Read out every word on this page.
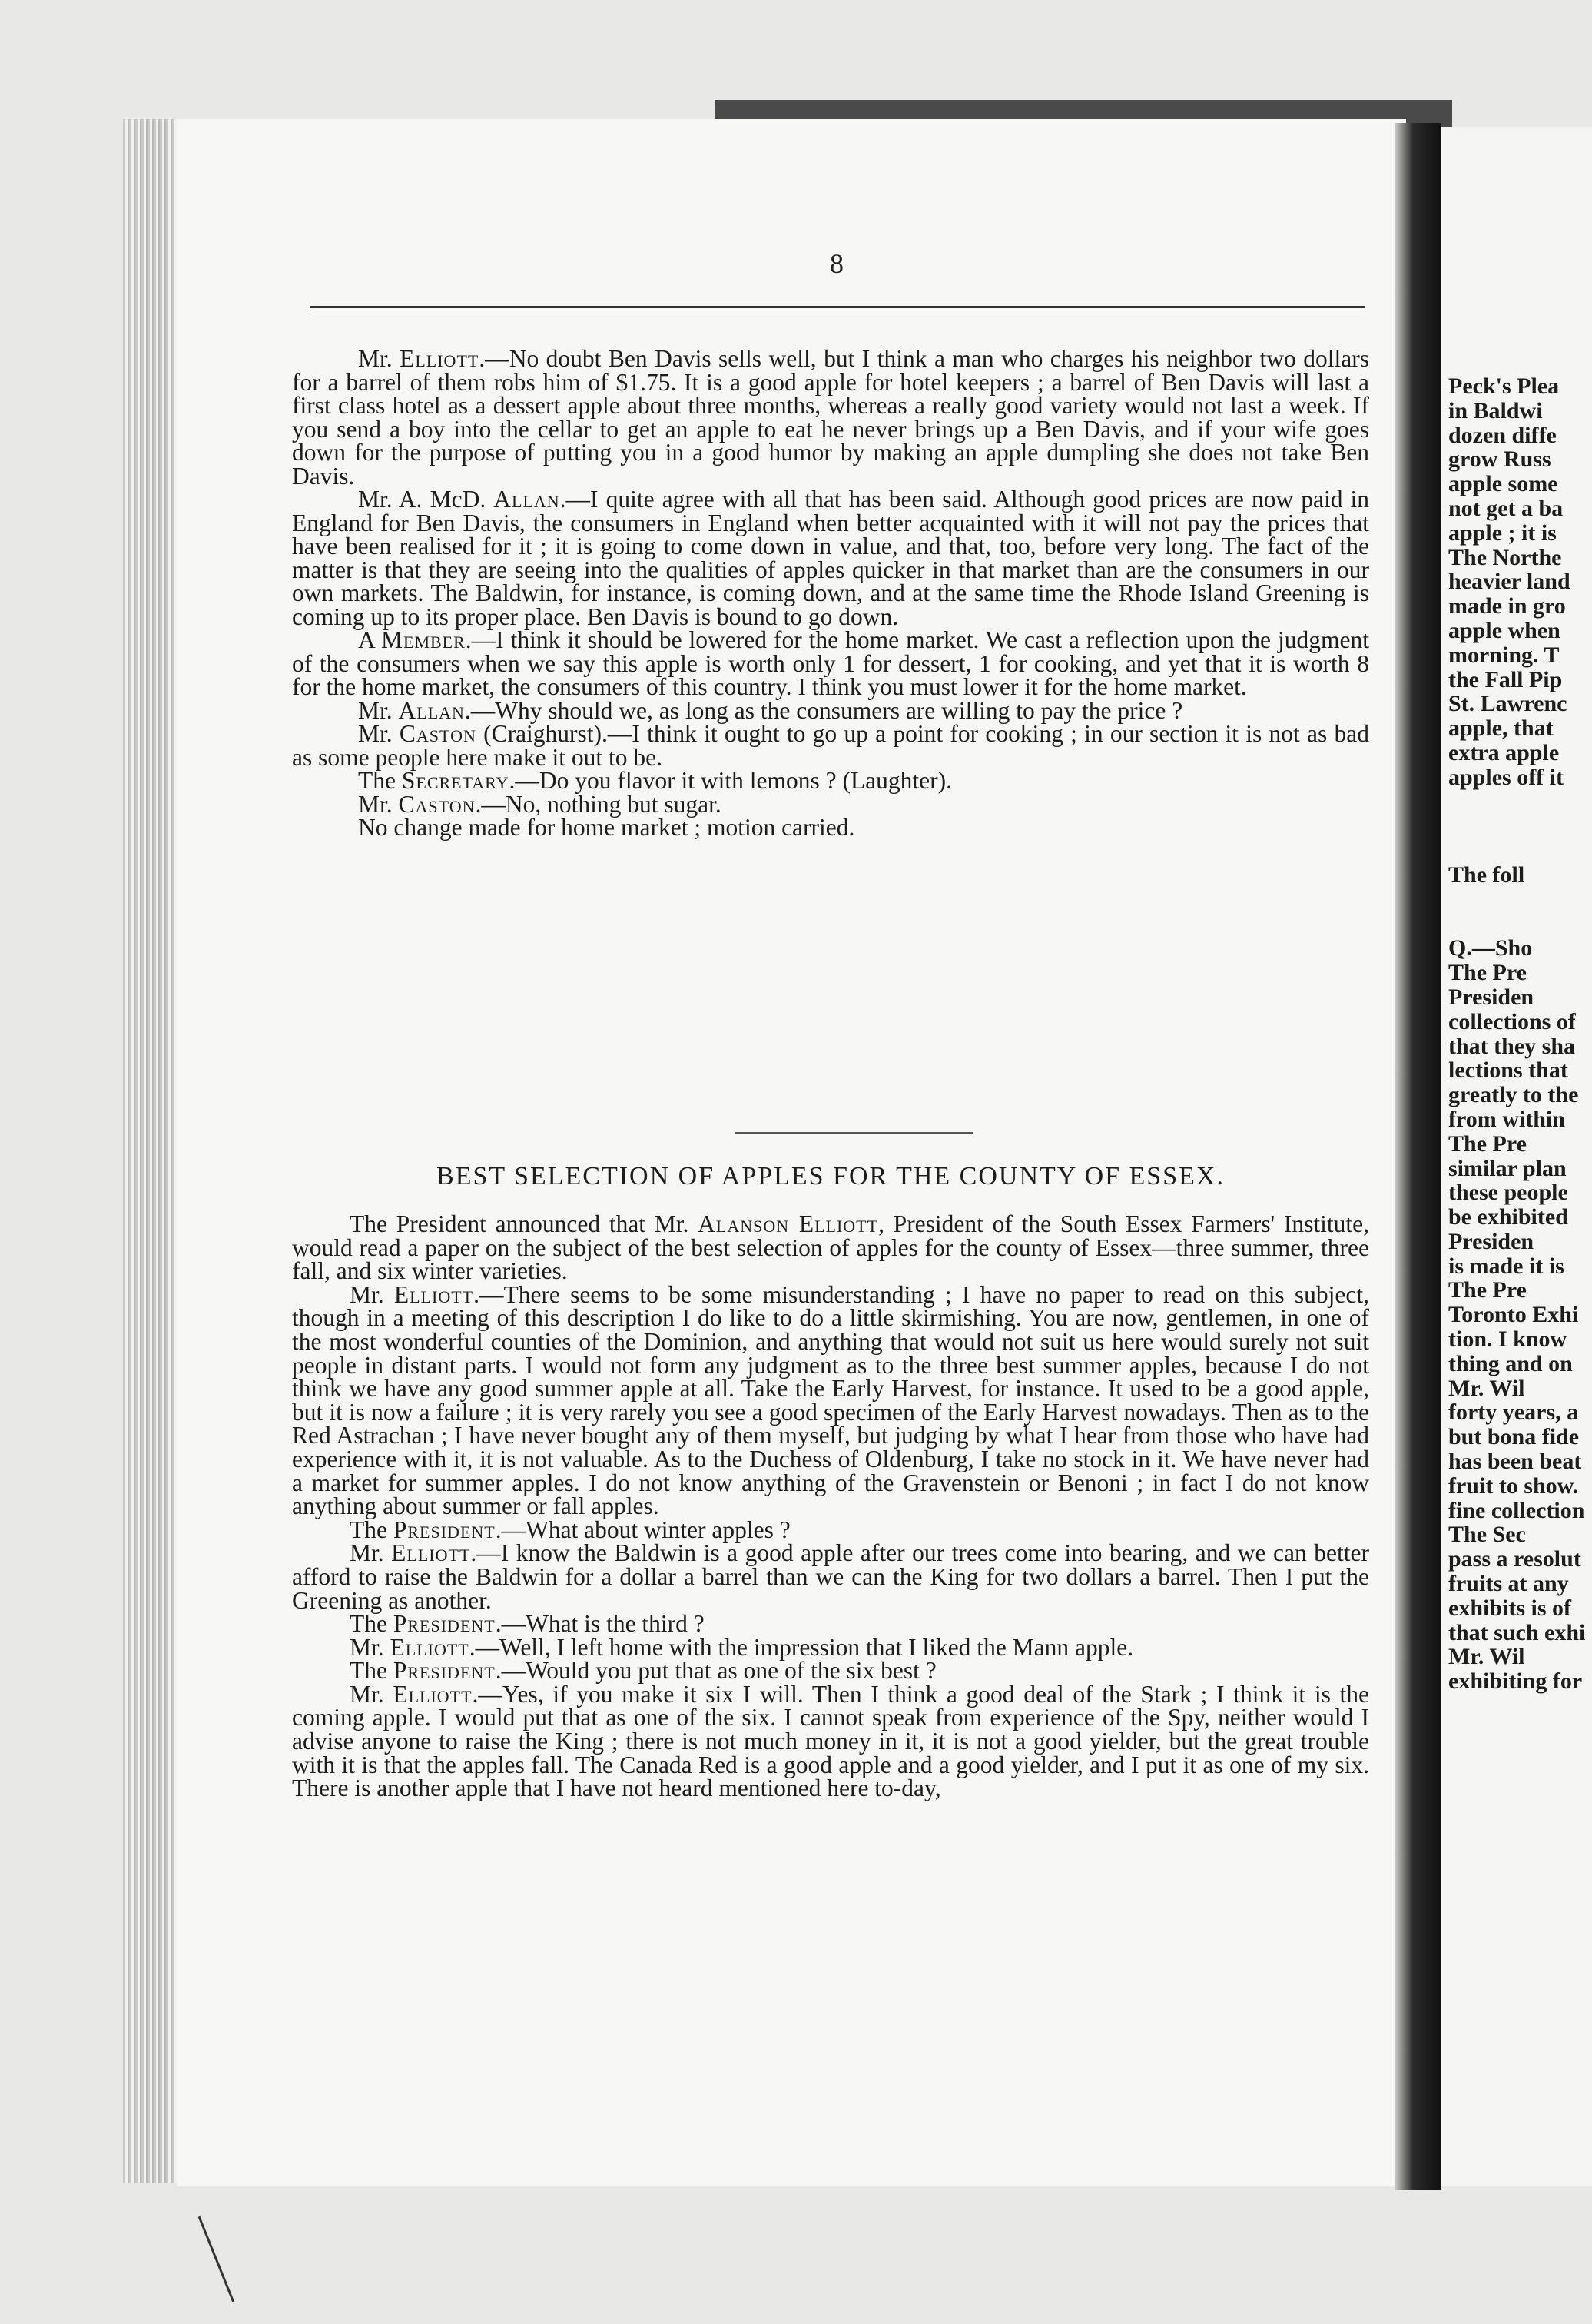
8

Mr. Elliott.—No doubt Ben Davis sells well, but I think a man who charges his neighbor two dollars for a barrel of them robs him of $1.75. It is a good apple for hotel keepers ; a barrel of Ben Davis will last a first class hotel as a dessert apple about three months, whereas a really good variety would not last a week. If you send a boy into the cellar to get an apple to eat he never brings up a Ben Davis, and if your wife goes down for the purpose of putting you in a good humor by making an apple dumpling she does not take Ben Davis.

Mr. A. McD. Allan.—I quite agree with all that has been said. Although good prices are now paid in England for Ben Davis, the consumers in England when better acquainted with it will not pay the prices that have been realised for it ; it is going to come down in value, and that, too, before very long. The fact of the matter is that they are seeing into the qualities of apples quicker in that market than are the consumers in our own markets. The Baldwin, for instance, is coming down, and at the same time the Rhode Island Greening is coming up to its proper place. Ben Davis is bound to go down.

A Member.—I think it should be lowered for the home market. We cast a reflection upon the judgment of the consumers when we say this apple is worth only 1 for dessert, 1 for cooking, and yet that it is worth 8 for the home market, the consumers of this country. I think you must lower it for the home market.

Mr. Allan.—Why should we, as long as the consumers are willing to pay the price ?

Mr. Caston (Craighurst).—I think it ought to go up a point for cooking ; in our section it is not as bad as some people here make it out to be.

The Secretary.—Do you flavor it with lemons ? (Laughter).

Mr. Caston.—No, nothing but sugar.

No change made for home market ; motion carried.

BEST SELECTION OF APPLES FOR THE COUNTY OF ESSEX.

The President announced that Mr. Alanson Elliott, President of the South Essex Farmers' Institute, would read a paper on the subject of the best selection of apples for the county of Essex—three summer, three fall, and six winter varieties.

Mr. Elliott.—There seems to be some misunderstanding ; I have no paper to read on this subject, though in a meeting of this description I do like to do a little skirmishing. You are now, gentlemen, in one of the most wonderful counties of the Dominion, and anything that would not suit us here would surely not suit people in distant parts. I would not form any judgment as to the three best summer apples, because I do not think we have any good summer apple at all. Take the Early Harvest, for instance. It used to be a good apple, but it is now a failure ; it is very rarely you see a good specimen of the Early Harvest nowadays. Then as to the Red Astrachan ; I have never bought any of them myself, but judging by what I hear from those who have had experience with it, it is not valuable. As to the Duchess of Oldenburg, I take no stock in it. We have never had a market for summer apples. I do not know anything of the Gravenstein or Benoni ; in fact I do not know anything about summer or fall apples.

The President.—What about winter apples ?

Mr. Elliott.—I know the Baldwin is a good apple after our trees come into bearing, and we can better afford to raise the Baldwin for a dollar a barrel than we can the King for two dollars a barrel. Then I put the Greening as another.

The President.—What is the third ?

Mr. Elliott.—Well, I left home with the impression that I liked the Mann apple.

The President.—Would you put that as one of the six best ?

Mr. Elliott.—Yes, if you make it six I will. Then I think a good deal of the Stark ; I think it is the coming apple. I would put that as one of the six. I cannot speak from experience of the Spy, neither would I advise anyone to raise the King ; there is not much money in it, it is not a good yielder, but the great trouble with it is that the apples fall. The Canada Red is a good apple and a good yielder, and I put it as one of my six. There is another apple that I have not heard mentioned here to-day,

Peck's Plea
in Baldwi
dozen diffe
grow Russ
apple some
not get a ba
apple ; it is
The Northe
heavier land
made in gro
apple when
morning. T
the Fall Pip
St. Lawrenc
apple, that
extra apple
apples off it
The foll
Q.—Sho
The Pre
Presiden
collections of
that they sha
lections that
greatly to the
from within
The Pre
similar plan
these people
be exhibited
Presiden
is made it is
The Pre
Toronto Exhi
tion. I know
thing and on
Mr. Wil
forty years, a
but bona fide
has been beat
fruit to show.
fine collection
The Sec
pass a resolut
fruits at any
exhibits is of
that such exhi
Mr. Wil
exhibiting for
